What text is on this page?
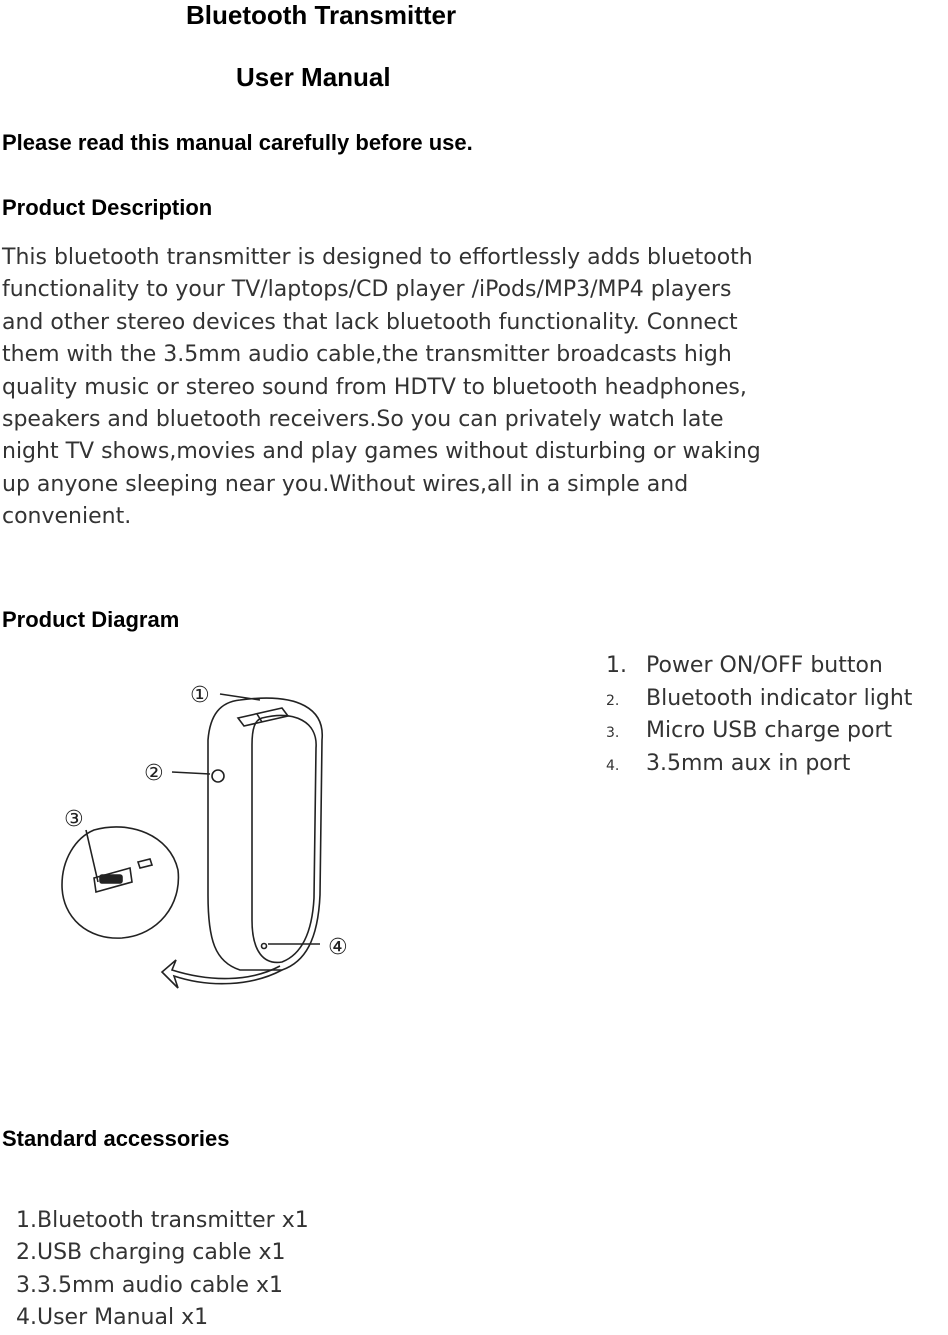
Bluetooth Transmitter
User Manual
Please read this manual carefully before use.
Product Description
This bluetooth transmitter is designed to effortlessly adds bluetooth
functionality to your TV/laptops/CD player /iPods/MP3/MP4 players
and other stereo devices that lack bluetooth functionality. Connect
them with the 3.5mm audio cable,the transmitter broadcasts high
quality music or stereo sound from HDTV to bluetooth headphones,
speakers and bluetooth receivers.So you can privately watch late
night TV shows,movies and play games without disturbing or waking
up anyone sleeping near you.Without wires,all in a simple and
convenient.
Product Diagram
①
②
③
④
1. Power ON/OFF button
2. Bluetooth indicator light
3. Micro USB charge port
4. 3.5mm aux in port
Standard accessories
1.Bluetooth transmitter x1
2.USB charging cable x1
3.3.5mm audio cable x1
4.User Manual x1
